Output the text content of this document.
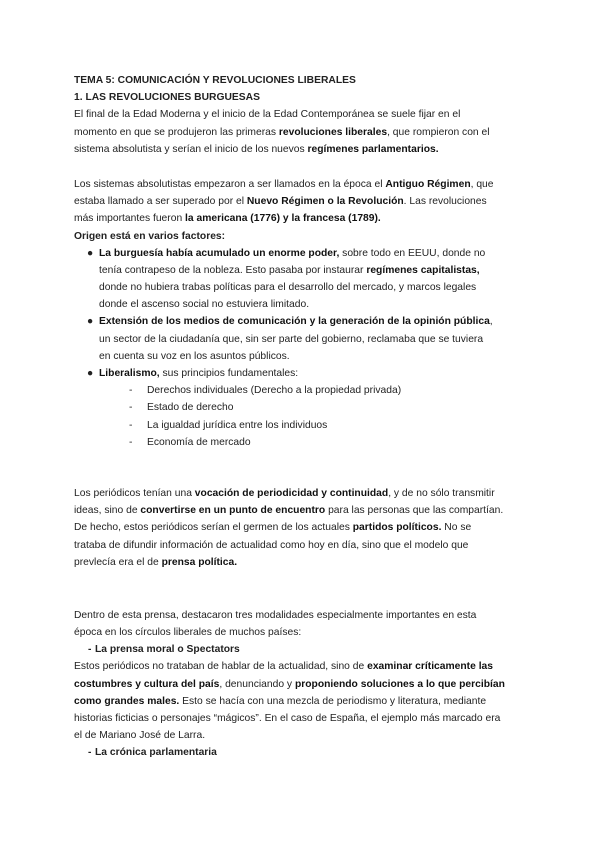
TEMA 5: COMUNICACIÓN Y REVOLUCIONES LIBERALES
1. LAS REVOLUCIONES BURGUESAS
El final de la Edad Moderna y el inicio de la Edad Contemporánea se suele fijar en el
momento en que se produjeron las primeras revoluciones liberales, que rompieron con el
sistema absolutista y serían el inicio de los nuevos regímenes parlamentarios.
Los sistemas absolutistas empezaron a ser llamados en la época el Antiguo Régimen, que
estaba llamado a ser superado por el Nuevo Régimen o la Revolución. Las revoluciones
más importantes fueron la americana (1776) y la francesa (1789).
Origen está en varios factores:
● La burguesía había acumulado un enorme poder, sobre todo en EEUU, donde no
tenía contrapeso de la nobleza. Esto pasaba por instaurar regímenes capitalistas,
donde no hubiera trabas políticas para el desarrollo del mercado, y marcos legales
donde el ascenso social no estuviera limitado.
● Extensión de los medios de comunicación y la generación de la opinión pública,
un sector de la ciudadanía que, sin ser parte del gobierno, reclamaba que se tuviera
en cuenta su voz en los asuntos públicos.
● Liberalismo, sus principios fundamentales:
- Derechos individuales (Derecho a la propiedad privada)
- Estado de derecho
- La igualdad jurídica entre los individuos
- Economía de mercado
Los periódicos tenían una vocación de periodicidad y continuidad, y de no sólo transmitir
ideas, sino de convertirse en un punto de encuentro para las personas que las compartían.
De hecho, estos periódicos serían el germen de los actuales partidos políticos. No se
trataba de difundir información de actualidad como hoy en día, sino que el modelo que
prevlecía era el de prensa política.
Dentro de esta prensa, destacaron tres modalidades especialmente importantes en esta
época en los círculos liberales de muchos países:
- La prensa moral o Spectators
Estos periódicos no trataban de hablar de la actualidad, sino de examinar críticamente las
costumbres y cultura del país, denunciando y proponiendo soluciones a lo que percibían
como grandes males. Esto se hacía con una mezcla de periodismo y literatura, mediante
historias ficticias o personajes “mágicos”. En el caso de España, el ejemplo más marcado era
el de Mariano José de Larra.
- La crónica parlamentaria
